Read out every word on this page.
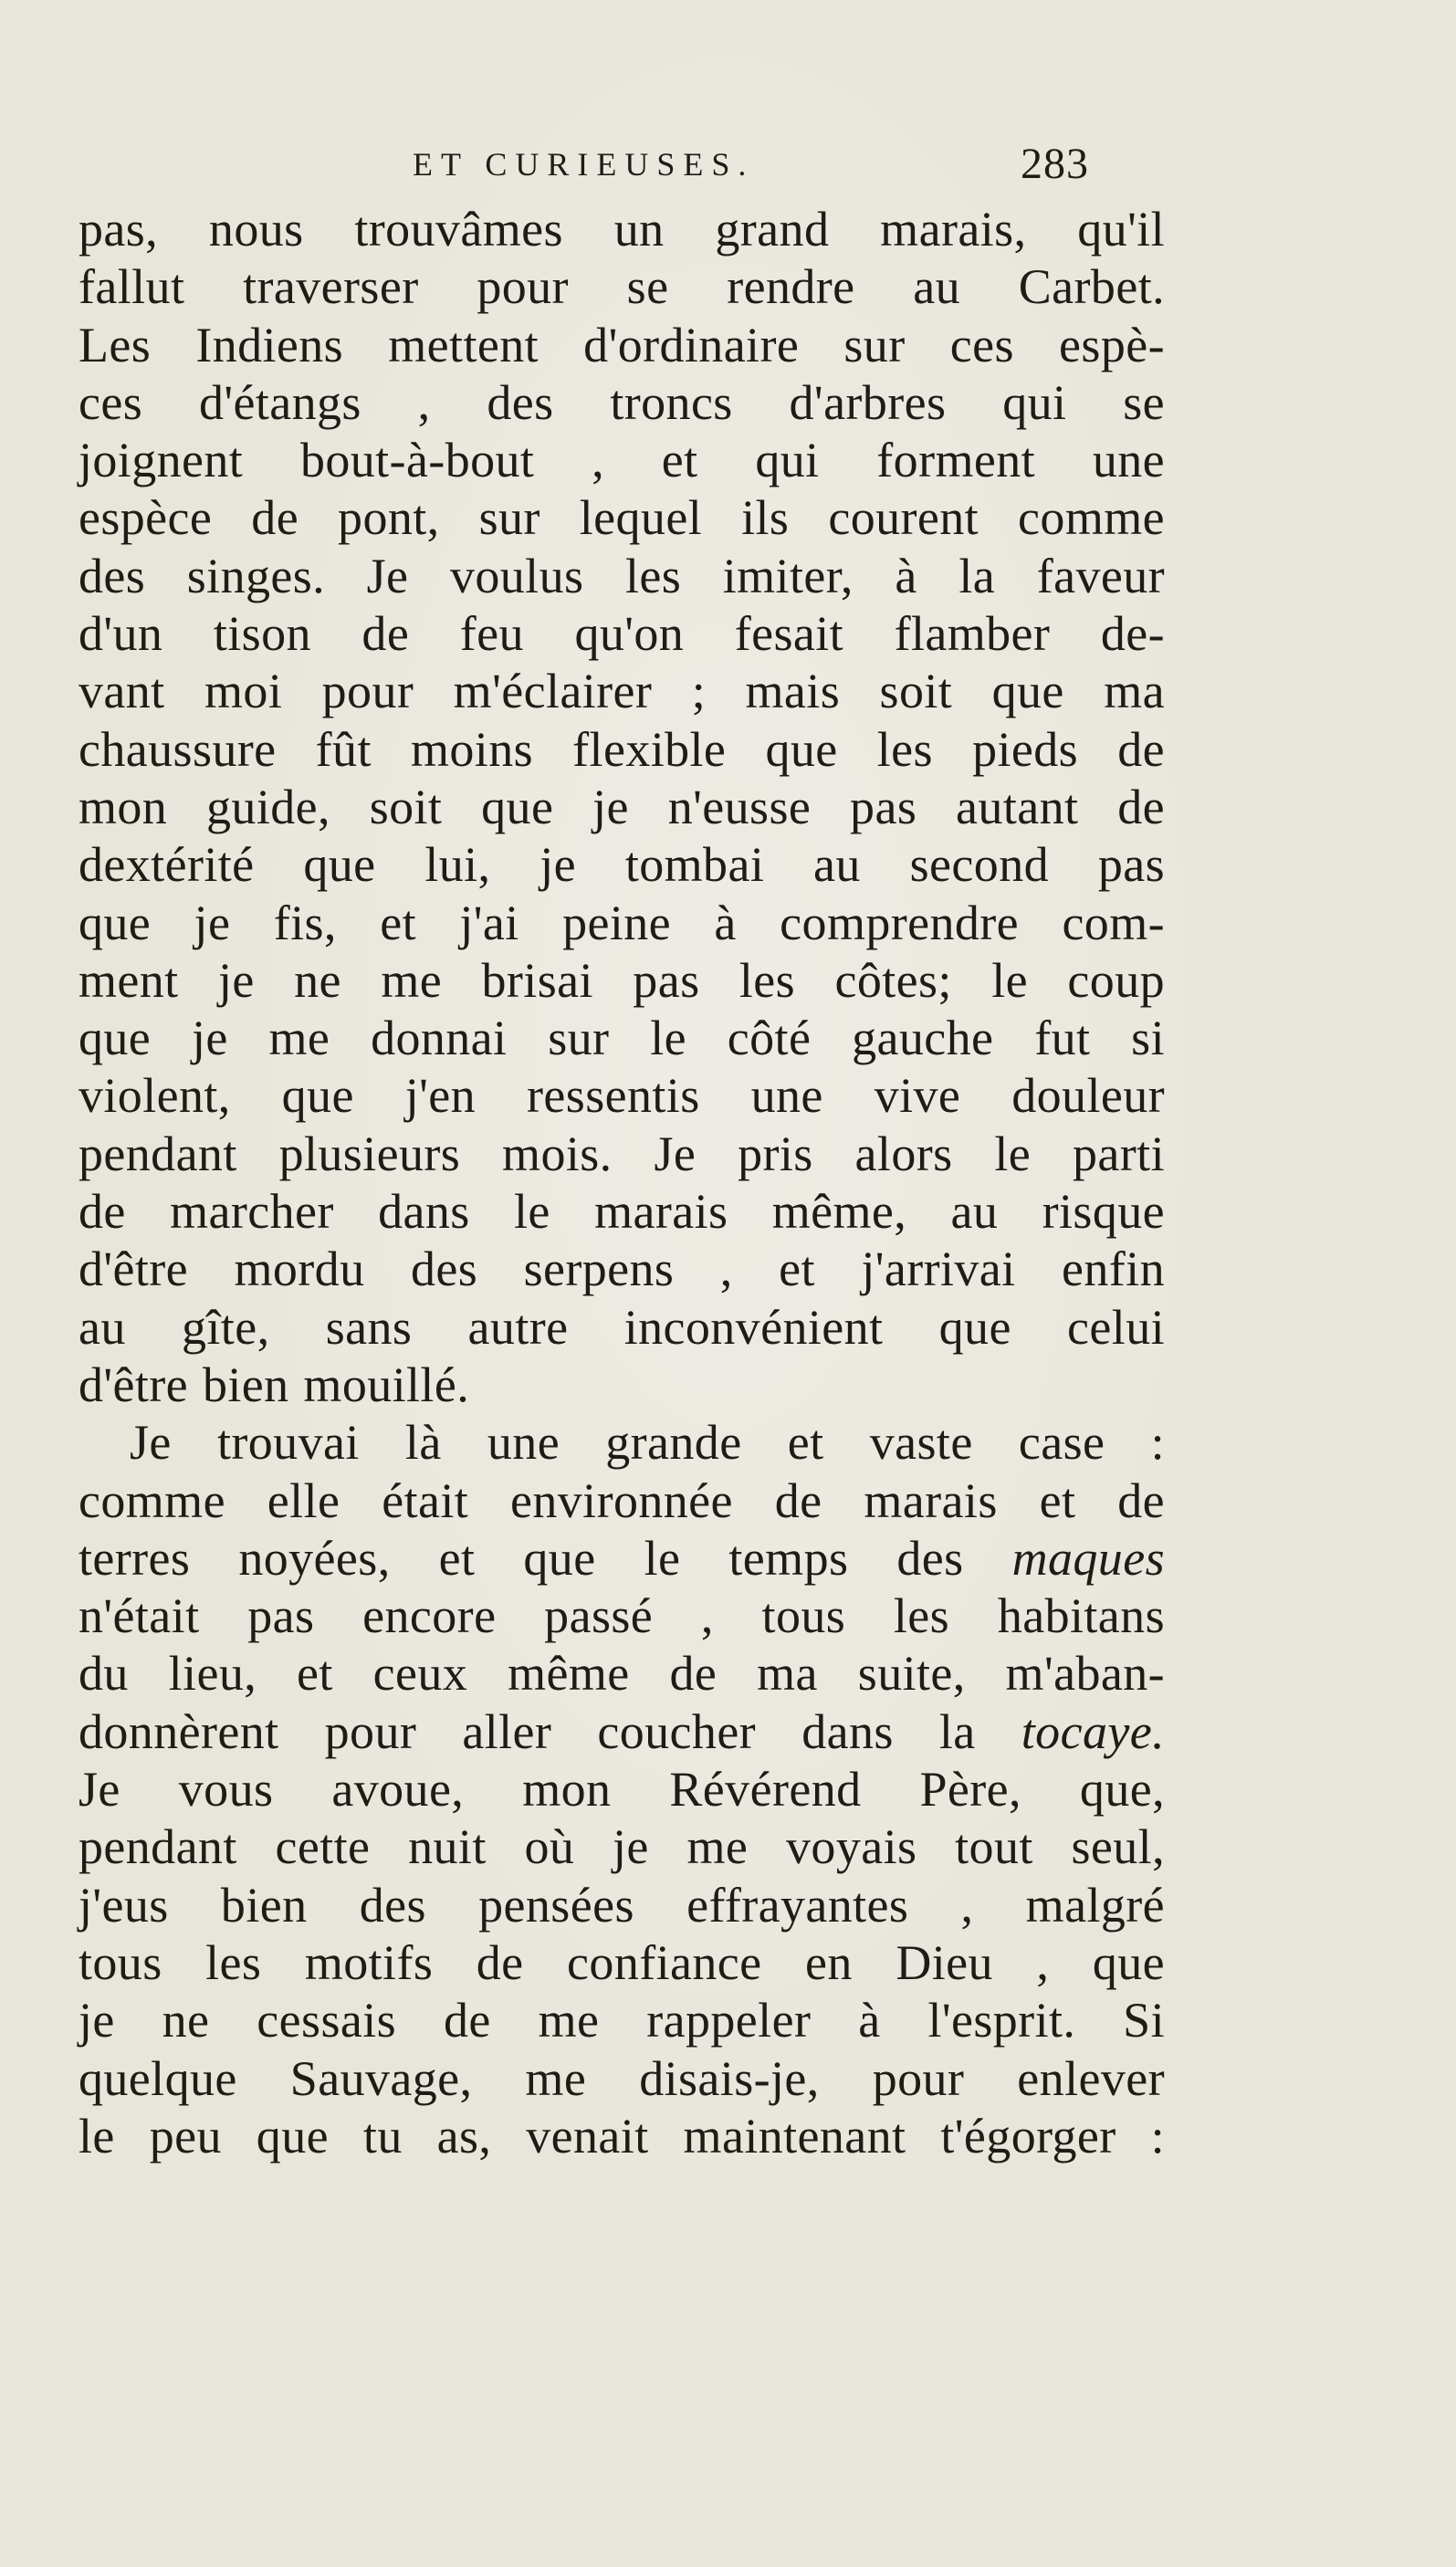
ET CURIEUSES.	283
pas, nous trouvâmes un grand marais, qu'il
fallut traverser pour se rendre au Carbet.
Les Indiens mettent d'ordinaire sur ces espè-
ces d'étangs , des troncs d'arbres qui se
joignent bout-à-bout , et qui forment une
espèce de pont, sur lequel ils courent comme
des singes. Je voulus les imiter, à la faveur
d'un tison de feu qu'on fesait flamber de-
vant moi pour m'éclairer ; mais soit que ma
chaussure fût moins flexible que les pieds de
mon guide, soit que je n'eusse pas autant de
dextérité que lui, je tombai au second pas
que je fis, et j'ai peine à comprendre com-
ment je ne me brisai pas les côtes; le coup
que je me donnai sur le côté gauche fut si
violent, que j'en ressentis une vive douleur
pendant plusieurs mois. Je pris alors le parti
de marcher dans le marais même, au risque
d'être mordu des serpens , et j'arrivai enfin
au gîte, sans autre inconvénient que celui
d'être bien mouillé.
Je trouvai là une grande et vaste case :
comme elle était environnée de marais et de
terres noyées, et que le temps des maques
n'était pas encore passé , tous les habitans
du lieu, et ceux même de ma suite, m'aban-
donnèrent pour aller coucher dans la tocaye.
Je vous avoue, mon Révérend Père, que,
pendant cette nuit où je me voyais tout seul,
j'eus bien des pensées effrayantes , malgré
tous les motifs de confiance en Dieu , que
je ne cessais de me rappeler à l'esprit. Si
quelque Sauvage, me disais-je, pour enlever
le peu que tu as, venait maintenant t'égorger :
